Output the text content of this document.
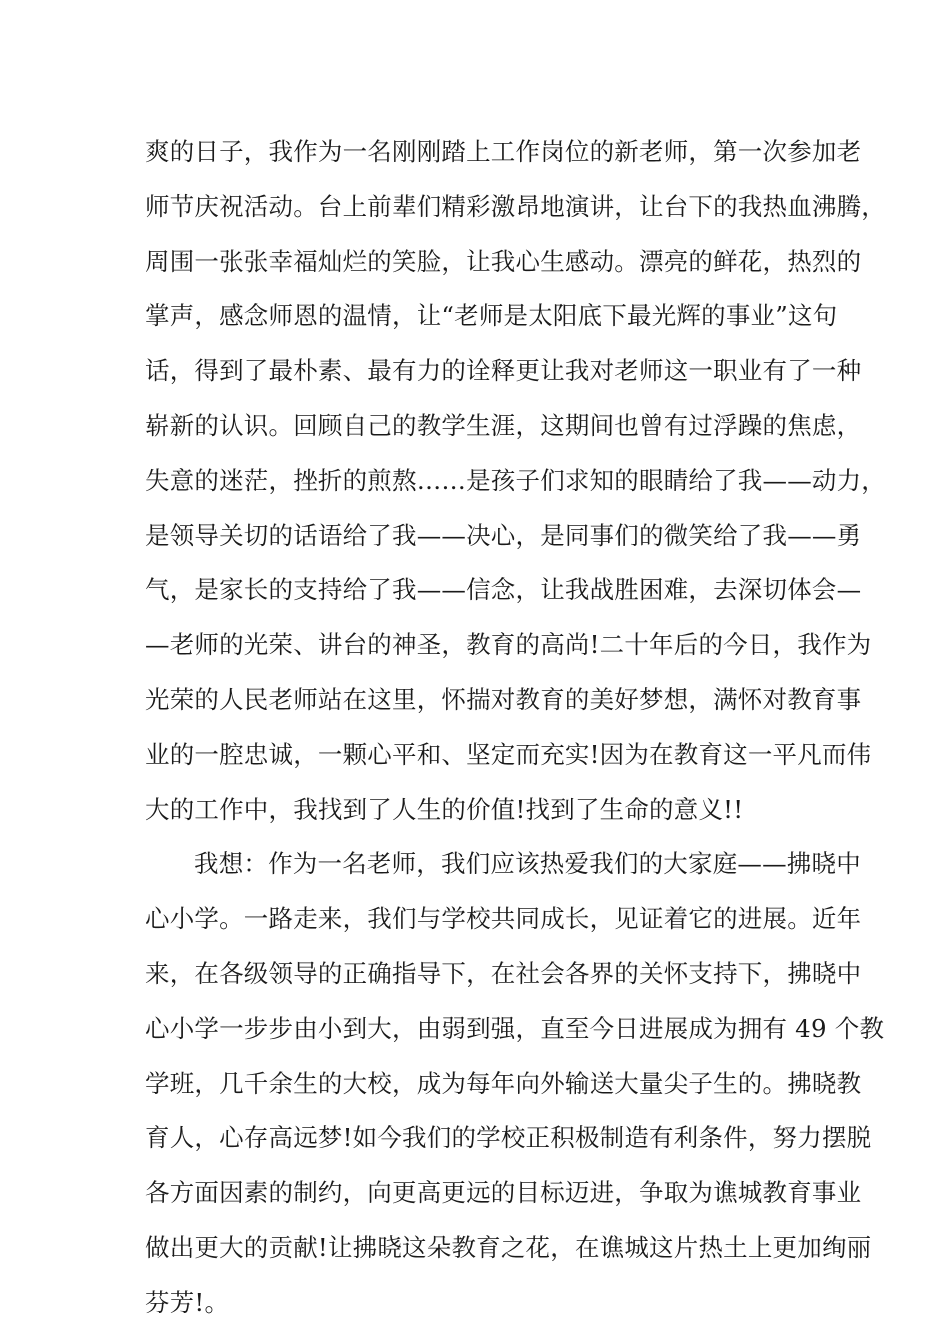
爽的日子，我作为一名刚刚踏上工作岗位的新老师，第一次参加老
师节庆祝活动。台上前辈们精彩激昂地演讲，让台下的我热血沸腾，
周围一张张幸福灿烂的笑脸，让我心生感动。漂亮的鲜花，热烈的
掌声，感念师恩的温情，让“老师是太阳底下最光辉的事业”这句
话，得到了最朴素、最有力的诠释更让我对老师这一职业有了一种
崭新的认识。回顾自己的教学生涯，这期间也曾有过浮躁的焦虑，
失意的迷茫，挫折的煎熬……是孩子们求知的眼睛给了我——动力，
是领导关切的话语给了我——决心，是同事们的微笑给了我——勇
气，是家长的支持给了我——信念，让我战胜困难，去深切体会—
—老师的光荣、讲台的神圣，教育的高尚!二十年后的今日，我作为
光荣的人民老师站在这里，怀揣对教育的美好梦想，满怀对教育事
业的一腔忠诚，一颗心平和、坚定而充实!因为在教育这一平凡而伟
大的工作中，我找到了人生的价值!找到了生命的意义!!
我想：作为一名老师，我们应该热爱我们的大家庭——拂晓中
心小学。一路走来，我们与学校共同成长，见证着它的进展。近年
来，在各级领导的正确指导下，在社会各界的关怀支持下，拂晓中
心小学一步步由小到大，由弱到强，直至今日进展成为拥有 49 个教
学班，几千余生的大校，成为每年向外输送大量尖子生的。拂晓教
育人，心存高远梦!如今我们的学校正积极制造有利条件，努力摆脱
各方面因素的制约，向更高更远的目标迈进，争取为谯城教育事业
做出更大的贡献!让拂晓这朵教育之花，在谯城这片热土上更加绚丽
芬芳!。
